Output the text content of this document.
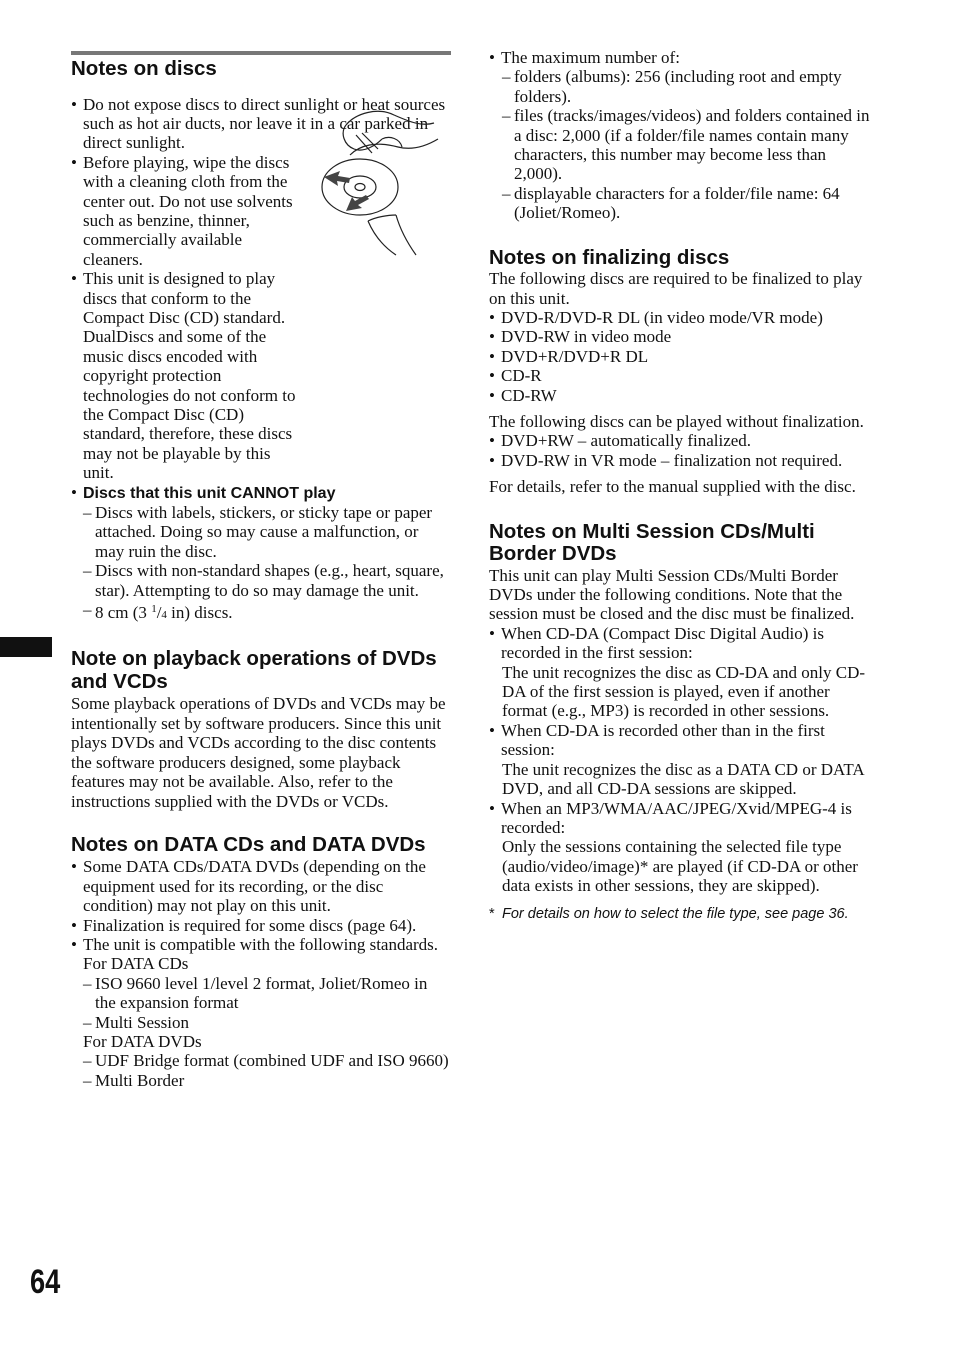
64
Notes on discs

• Do not expose discs to direct sunlight or heat sources such as hot air ducts, nor leave it in a car parked in direct sunlight.

• Before playing, wipe the discs with a cleaning cloth from the center out. Do not use solvents such as benzine, thinner, commercially available cleaners.

• This unit is designed to play discs that conform to the Compact Disc (CD) standard. DualDiscs and some of the music discs encoded with copyright protection technologies do not conform to the Compact Disc (CD) standard, therefore, these discs may not be playable by this unit.

• Discs that this unit CANNOT play

– Discs with labels, stickers, or sticky tape or paper attached. Doing so may cause a malfunction, or may ruin the disc.

– Discs with non-standard shapes (e.g., heart, square, star). Attempting to do so may damage the unit.

– 8 cm (3 $^1$/4 in) discs.

Note on playback operations of DVDs and VCDs

Some playback operations of DVDs and VCDs may be intentionally set by software producers. Since this unit plays DVDs and VCDs according to the disc contents the software producers designed, some playback features may not be available. Also, refer to the instructions supplied with the DVDs or VCDs.

Notes on DATA CDs and DATA DVDs

• Some DATA CDs/DATA DVDs (depending on the equipment used for its recording, or the disc condition) may not play on this unit.

• Finalization is required for some discs (page 64).

• The unit is compatible with the following standards.

For DATA CDs

– ISO 9660 level 1/level 2 format, Joliet/Romeo in the expansion format

– Multi Session

For DATA DVDs

– UDF Bridge format (combined UDF and ISO 9660)

– Multi Border

• The maximum number of:

– folders (albums): 256 (including root and empty folders).

– files (tracks/images/videos) and folders contained in a disc: 2,000 (if a folder/file names contain many characters, this number may become less than 2,000).

– displayable characters for a folder/file name: 64 (Joliet/Romeo).

Notes on finalizing discs

The following discs are required to be finalized to play on this unit.

• DVD-R/DVD-R DL (in video mode/VR mode)

• DVD-RW in video mode

• DVD+R/DVD+R DL

• CD-R

• CD-RW

The following discs can be played without finalization.

• DVD+RW – automatically finalized.

• DVD-RW in VR mode – finalization not required.

For details, refer to the manual supplied with the disc.

Notes on Multi Session CDs/Multi Border DVDs

This unit can play Multi Session CDs/Multi Border DVDs under the following conditions. Note that the session must be closed and the disc must be finalized.

• When CD-DA (Compact Disc Digital Audio) is recorded in the first session:

The unit recognizes the disc as CD-DA and only CD-DA of the first session is played, even if another format (e.g., MP3) is recorded in other sessions.

• When CD-DA is recorded other than in the first session:

The unit recognizes the disc as a DATA CD or DATA DVD, and all CD-DA sessions are skipped.

• When an MP3/WMA/AAC/JPEG/Xvid/MPEG-4 is recorded:

Only the sessions containing the selected file type (audio/video/image)* are played (if CD-DA or other data exists in other sessions, they are skipped).

* For details on how to select the file type, see page 36.
